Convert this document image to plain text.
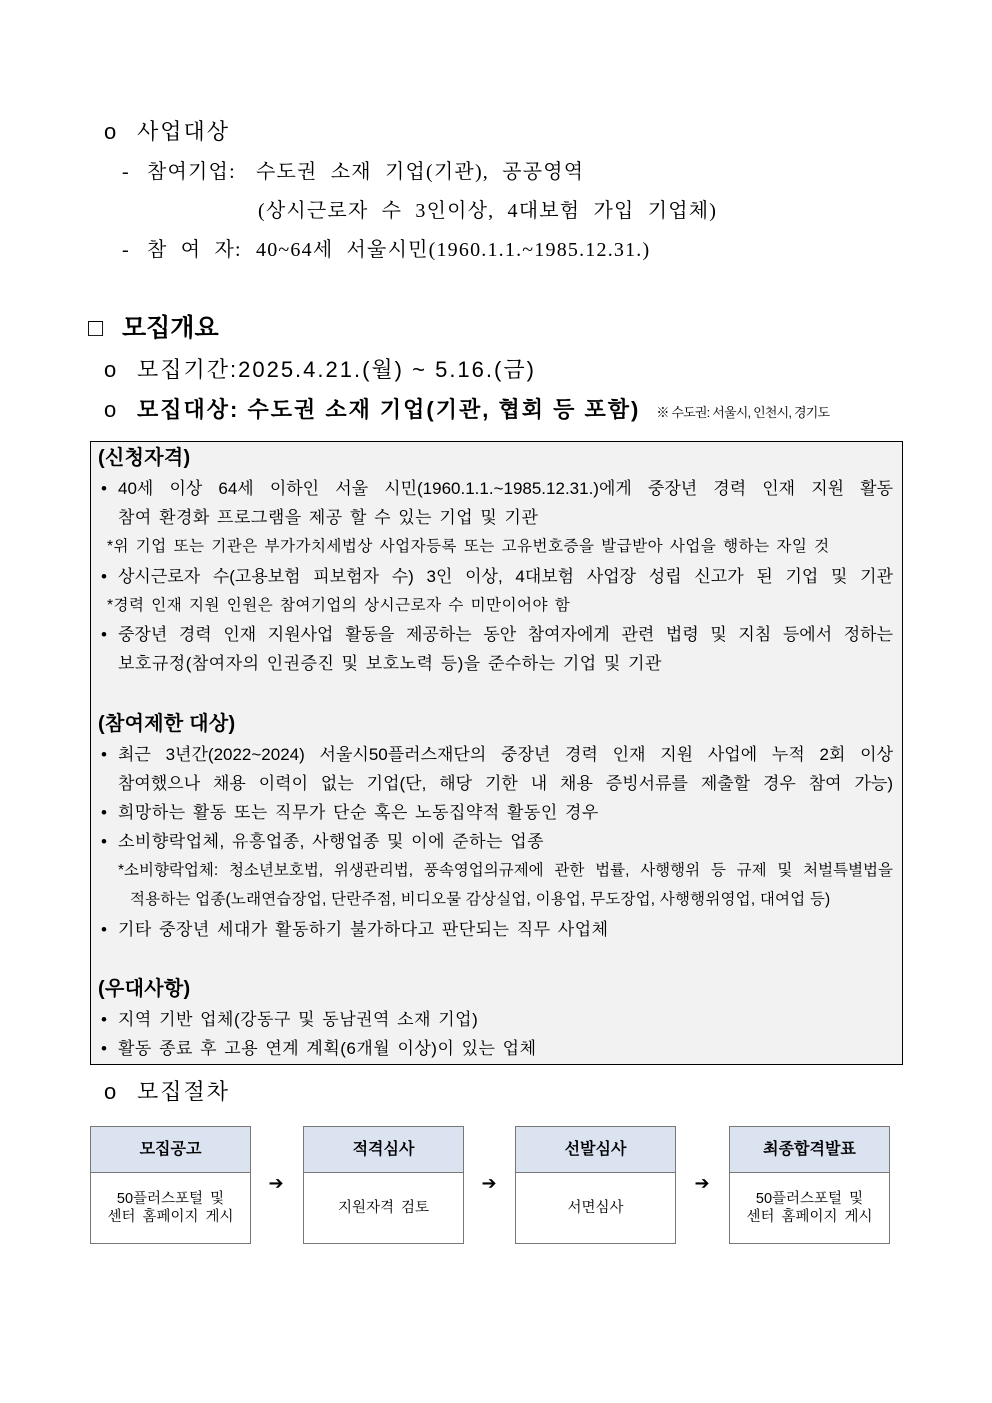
o 사업대상
- 참여기업: 수도권 소재 기업(기관), 공공영역
(상시근로자 수 3인이상, 4대보험 가입 기업체)
- 참 여 자: 40~64세 서울시민(1960.1.1.~1985.12.31.)
□ 모집개요
o 모집기간:2025.4.21.(월) ~ 5.16.(금)
o 모집대상: 수도권 소재 기업(기관, 협회 등 포함) ※ 수도권: 서울시, 인천시, 경기도
(신청자격)
• 40세 이상 64세 이하인 서울 시민(1960.1.1.~1985.12.31.)에게 중장년 경력 인재 지원 활동
참여 환경화 프로그램을 제공 할 수 있는 기업 및 기관
*위 기업 또는 기관은 부가가치세법상 사업자등록 또는 고유번호증을 발급받아 사업을 행하는 자일 것
• 상시근로자 수(고용보험 피보험자 수) 3인 이상, 4대보험 사업장 성립 신고가 된 기업 및 기관
*경력 인재 지원 인원은 참여기업의 상시근로자 수 미만이어야 함
• 중장년 경력 인재 지원사업 활동을 제공하는 동안 참여자에게 관련 법령 및 지침 등에서 정하는
보호규정(참여자의 인권증진 및 보호노력 등)을 준수하는 기업 및 기관
(참여제한 대상)
• 최근 3년간(2022~2024) 서울시50플러스재단의 중장년 경력 인재 지원 사업에 누적 2회 이상
참여했으나 채용 이력이 없는 기업(단, 해당 기한 내 채용 증빙서류를 제출할 경우 참여 가능)
• 희망하는 활동 또는 직무가 단순 혹은 노동집약적 활동인 경우
• 소비향락업체, 유흥업종, 사행업종 및 이에 준하는 업종
*소비향락업체: 청소년보호법, 위생관리법, 풍속영업의규제에 관한 법률, 사행행위 등 규제 및 처벌특별법을
적용하는 업종(노래연습장업, 단란주점, 비디오물 감상실업, 이용업, 무도장업, 사행행위영업, 대여업 등)
• 기타 중장년 세대가 활동하기 불가하다고 판단되는 직무 사업체
(우대사항)
• 지역 기반 업체(강동구 및 동남권역 소재 기업)
• 활동 종료 후 고용 연계 계획(6개월 이상)이 있는 업체
o 모집절차
모집공고
50플러스포털 및
센터 홈페이지 게시
➔
적격심사
지원자격 검토
➔
선발심사
서면심사
➔
최종합격발표
50플러스포털 및
센터 홈페이지 게시
